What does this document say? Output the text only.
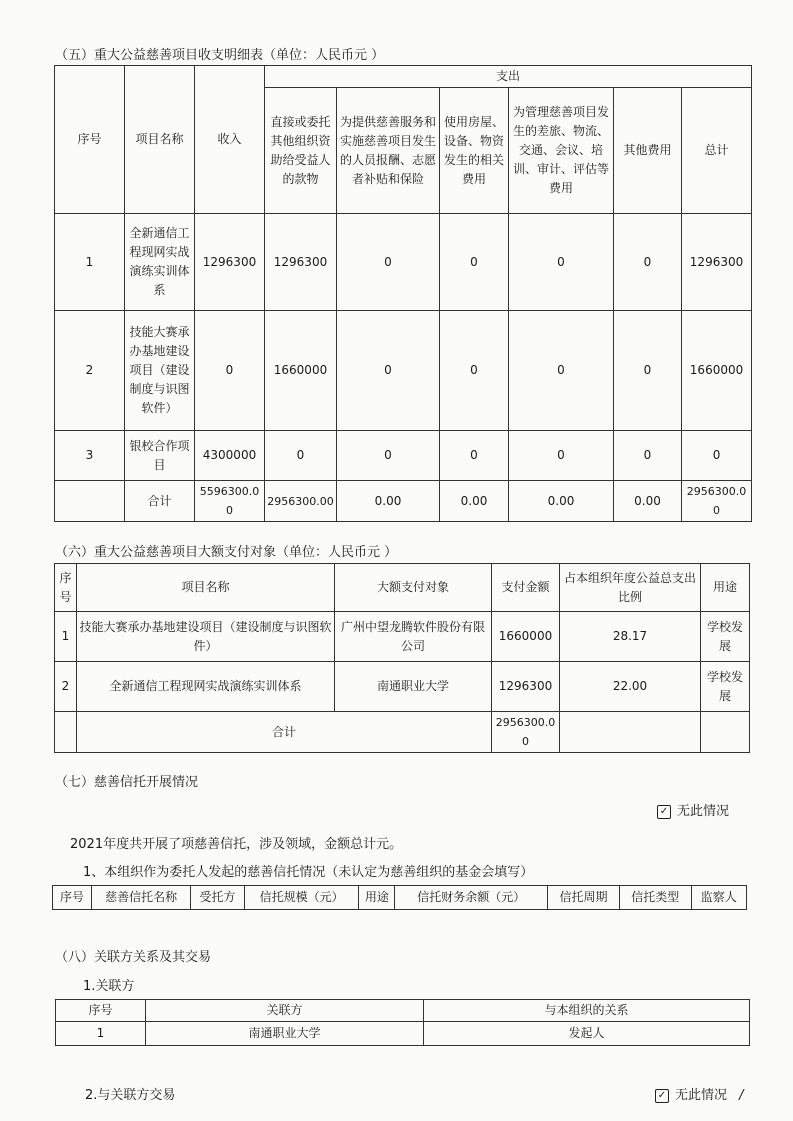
（五）重大公益慈善项目收支明细表（单位：人民币元 ）
序号	项目名称	收入	支出					
			直接或委托其他组织资助给受益人的款物	为提供慈善服务和实施慈善项目发生的人员报酬、志愿者补贴和保险	使用房屋、设备、物资发生的相关费用	为管理慈善项目发生的差旅、物流、交通、会议、培训、审计、评估等费用	其他费用	总计
1	全新通信工程现网实战演练实训体系	1296300	1296300	0	0	0	0	1296300
2	技能大赛承办基地建设项目（建设制度与识图软件）	0	1660000	0	0	0	0	1660000
3	银校合作项目	4300000	0	0	0	0	0	0
	合计	5596300.00	2956300.00	0.00	0.00	0.00	0.00	2956300.00
（六）重大公益慈善项目大额支付对象（单位：人民币元 ）
序号	项目名称	大额支付对象	支付金额	占本组织年度公益总支出比例	用途
1	技能大赛承办基地建设项目（建设制度与识图软件）	广州中望龙腾软件股份有限公司	1660000	28.17	学校发展
2	全新通信工程现网实战演练实训体系	南通职业大学	1296300	22.00	学校发展
	合计		2956300.00		
（七）慈善信托开展情况
✓ 无此情况
2021年度共开展了项慈善信托，涉及领域，金额总计元。
1、本组织作为委托人发起的慈善信托情况（未认定为慈善组织的基金会填写）
序号	慈善信托名称	受托方	信托规模（元）	用途	信托财务余额（元）	信托周期	信托类型	监察人
（八）关联方关系及其交易
1.关联方
序号	关联方	与本组织的关系
1	南通职业大学	发起人
2.与关联方交易	✓ 无此情况 /
